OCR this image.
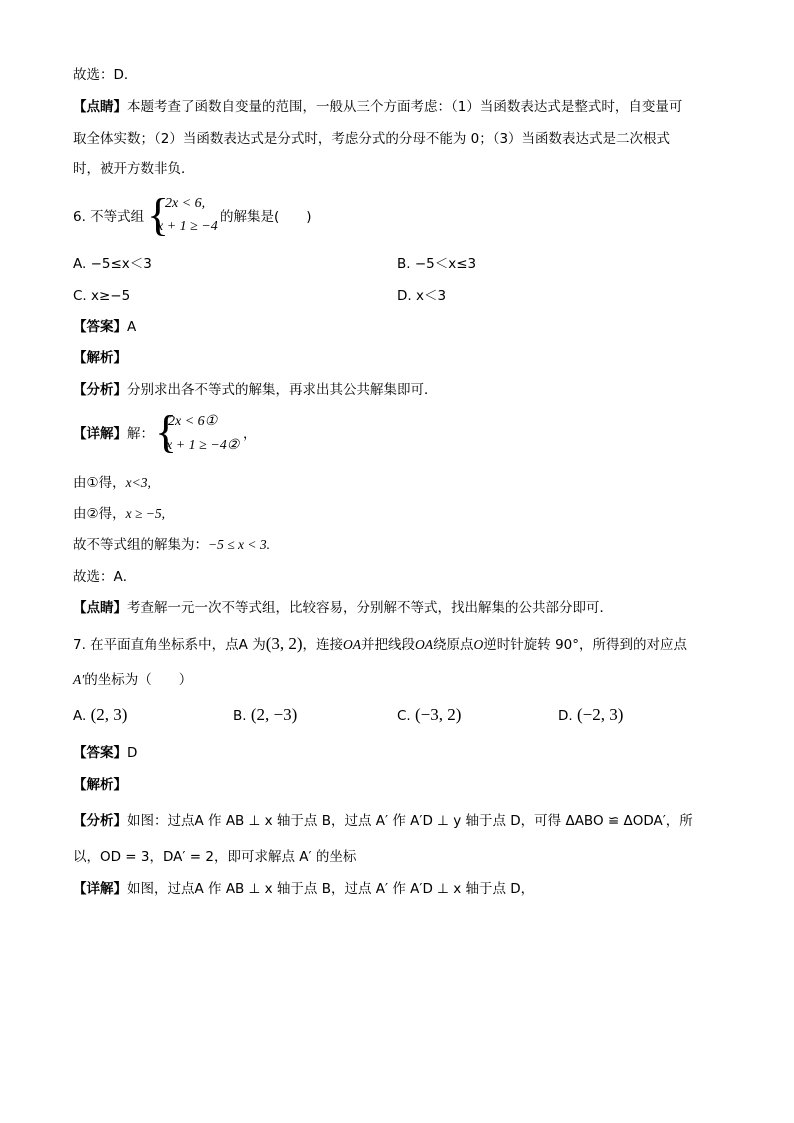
故选：D．
【点睛】本题考查了函数自变量的范围，一般从三个方面考虑：（1）当函数表达式是整式时，自变量可
取全体实数；（2）当函数表达式是分式时，考虑分式的分母不能为 0；（3）当函数表达式是二次根式
时，被开方数非负．
6. 不等式组 {
2x < 6,
x + 1 ≥ −4
的解集是(　　)
A. −5≤x＜3	B. −5＜x≤3
C. x≥−5	D. x＜3
【答案】A
【解析】
【分析】分别求出各不等式的解集，再求出其公共解集即可．
【详解】解： {
2x < 6①
x + 1 ≥ −4②
，
由①得，x<3,
由②得，x ≥ −5,
故不等式组的解集为：−5 ≤ x < 3.
故选：A．
【点睛】考查解一元一次不等式组，比较容易，分别解不等式，找出解集的公共部分即可．
7. 在平面直角坐标系中，点A 为(3, 2)，连接OA并把线段OA绕原点O逆时针旋转 90°，所得到的对应点
A′的坐标为（　　）
A. (2, 3)	B. (2, −3)	C. (−3, 2)	D. (−2, 3)
【答案】D
【解析】
【分析】如图：过点A 作 AB ⊥ x 轴于点 B，过点 A′ 作 A′D ⊥ y 轴于点 D，可得 ΔABO ≌ ΔODA′，所
以，OD = 3，DA′ = 2，即可求解点 A′ 的坐标
【详解】如图，过点A 作 AB ⊥ x 轴于点 B，过点 A′ 作 A′D ⊥ x 轴于点 D，
